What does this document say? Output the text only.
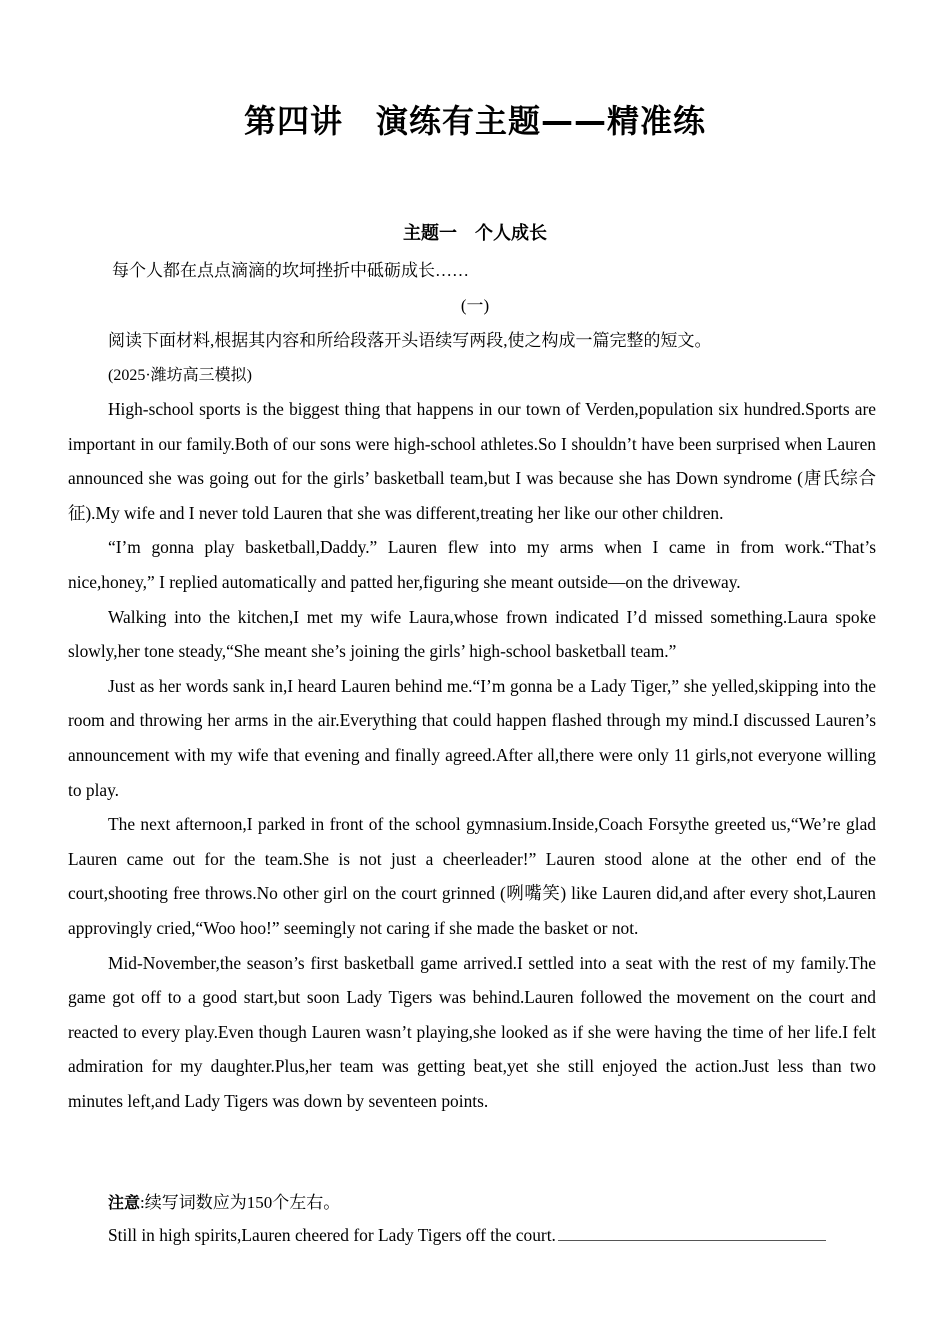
第四讲　演练有主题——精准练
主题一　个人成长
每个人都在点点滴滴的坎坷挫折中砥砺成长……
(一)
阅读下面材料,根据其内容和所给段落开头语续写两段,使之构成一篇完整的短文。
(2025·潍坊高三模拟)

High-school sports is the biggest thing that happens in our town of Verden,population six hundred.Sports are important in our family.Both of our sons were high-school athletes.So I shouldn’t have been surprised when Lauren announced she was going out for the girls’ basketball team,but I was because she has Down syndrome (唐氏综合征).My wife and I never told Lauren that she was different,treating her like our other children.

“I’m gonna play basketball,Daddy.” Lauren flew into my arms when I came in from work.“That’s nice,honey,” I replied automatically and patted her,figuring she meant outside—on the driveway.

Walking into the kitchen,I met my wife Laura,whose frown indicated I’d missed something.Laura spoke slowly,her tone steady,“She meant she’s joining the girls’ high-school basketball team.”

Just as her words sank in,I heard Lauren behind me.“I’m gonna be a Lady Tiger,” she yelled,skipping into the room and throwing her arms in the air.Everything that could happen flashed through my mind.I discussed Lauren’s announcement with my wife that evening and finally agreed.After all,there were only 11 girls,not everyone willing to play.

The next afternoon,I parked in front of the school gymnasium.Inside,Coach Forsythe greeted us,“We’re glad Lauren came out for the team.She is not just a cheerleader!” Lauren stood alone at the other end of the court,shooting free throws.No other girl on the court grinned (咧嘴笑) like Lauren did,and after every shot,Lauren approvingly cried,“Woo hoo!” seemingly not caring if she made the basket or not.

Mid-November,the season’s first basketball game arrived.I settled into a seat with the rest of my family.The game got off to a good start,but soon Lady Tigers was behind.Lauren followed the movement on the court and reacted to every play.Even though Lauren wasn’t playing,she looked as if she were having the time of her life.I felt admiration for my daughter.Plus,her team was getting beat,yet she still enjoyed the action.Just less than two minutes left,and Lady Tigers was down by seventeen points.

注意:续写词数应为150个左右。
Still in high spirits,Lauren cheered for Lady Tigers off the court.
